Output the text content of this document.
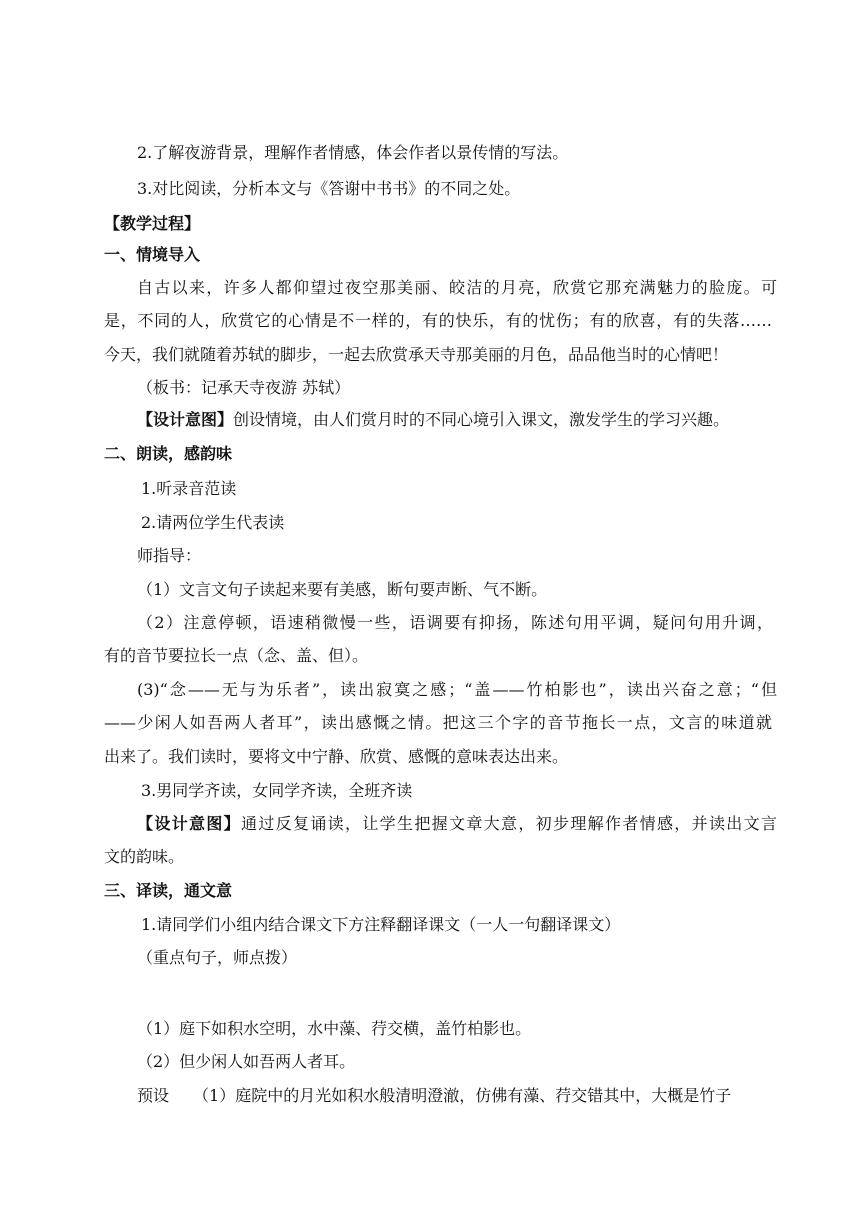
2.了解夜游背景，理解作者情感，体会作者以景传情的写法。
3.对比阅读，分析本文与《答谢中书书》的不同之处。
【教学过程】
一、情境导入
自古以来，许多人都仰望过夜空那美丽、皎洁的月亮，欣赏它那充满魅力的脸庞。可
是，不同的人，欣赏它的心情是不一样的，有的快乐，有的忧伤；有的欣喜，有的失落……
今天，我们就随着苏轼的脚步，一起去欣赏承天寺那美丽的月色，品品他当时的心情吧！
（板书：记承天寺夜游 苏轼）
【设计意图】创设情境，由人们赏月时的不同心境引入课文，激发学生的学习兴趣。
二、朗读，感韵味
1.听录音范读
2.请两位学生代表读
师指导：
（1）文言文句子读起来要有美感，断句要声断、气不断。
（2）注意停顿，语速稍微慢一些，语调要有抑扬，陈述句用平调，疑问句用升调，
有的音节要拉长一点（念、盖、但）。
(3)“念——无与为乐者”，读出寂寞之感；“盖——竹柏影也”，读出兴奋之意；“但
——少闲人如吾两人者耳”，读出感慨之情。把这三个字的音节拖长一点，文言的味道就
出来了。我们读时，要将文中宁静、欣赏、感慨的意味表达出来。
3.男同学齐读，女同学齐读，全班齐读
【设计意图】通过反复诵读，让学生把握文章大意，初步理解作者情感，并读出文言
文的韵味。
三、译读，通文意
1.请同学们小组内结合课文下方注释翻译课文（一人一句翻译课文）
（重点句子，师点拨）
（1）庭下如积水空明，水中藻、荇交横，盖竹柏影也。
（2）但少闲人如吾两人者耳。
预设 （1）庭院中的月光如积水般清明澄澈，仿佛有藻、荇交错其中，大概是竹子
